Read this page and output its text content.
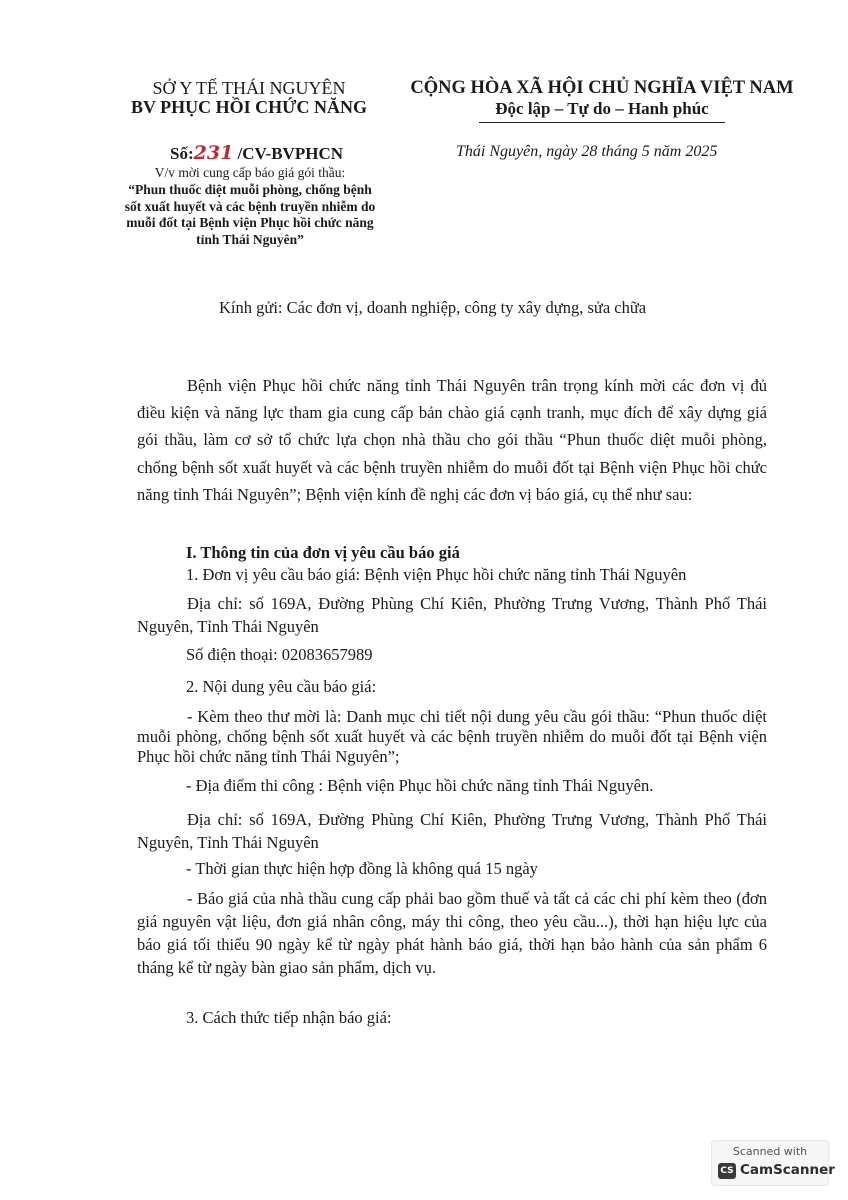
SỞ Y TẾ THÁI NGUYÊN
BV PHỤC HỒI CHỨC NĂNG
CỘNG HÒA XÃ HỘI CHỦ NGHĨA VIỆT NAM
Độc lập – Tự do – Hanh phúc
Số:231 /CV-BVPHCN	Thái Nguyên, ngày 28 tháng 5 năm 2025
V/v mời cung cấp báo giá gói thầu:
“Phun thuốc diệt muỗi phòng, chống bệnh
sốt xuất huyết và các bệnh truyền nhiễm do
muỗi đốt tại Bệnh viện Phục hồi chức năng
tỉnh Thái Nguyên”
Kính gửi: Các đơn vị, doanh nghiệp, công ty xây dựng, sửa chữa
Bệnh viện Phục hồi chức năng tỉnh Thái Nguyên trân trọng kính mời các đơn vị đủ điều kiện và năng lực tham gia cung cấp bản chào giá cạnh tranh, mục đích để xây dựng giá gói thầu, làm cơ sở tổ chức lựa chọn nhà thầu cho gói thầu “Phun thuốc diệt muỗi phòng, chống bệnh sốt xuất huyết và các bệnh truyền nhiễm do muỗi đốt tại Bệnh viện Phục hồi chức năng tỉnh Thái Nguyên”; Bệnh viện kính đề nghị các đơn vị báo giá, cụ thể như sau:
I. Thông tin của đơn vị yêu cầu báo giá
1. Đơn vị yêu cầu báo giá: Bệnh viện Phục hồi chức năng tỉnh Thái Nguyên
Địa chỉ: số 169A, Đường Phùng Chí Kiên, Phường Trưng Vương, Thành Phố Thái Nguyên, Tỉnh Thái Nguyên
Số điện thoại: 02083657989
2. Nội dung yêu cầu báo giá:
- Kèm theo thư mời là: Danh mục chi tiết nội dung yêu cầu gói thầu: “Phun thuốc diệt muỗi phòng, chống bệnh sốt xuất huyết và các bệnh truyền nhiễm do muỗi đốt tại Bệnh viện Phục hồi chức năng tỉnh Thái Nguyên”;
- Địa điểm thi công : Bệnh viện Phục hồi chức năng tỉnh Thái Nguyên.
Địa chỉ: số 169A, Đường Phùng Chí Kiên, Phường Trưng Vương, Thành Phố Thái Nguyên, Tỉnh Thái Nguyên
- Thời gian thực hiện hợp đồng là không quá 15 ngày
- Báo giá của nhà thầu cung cấp phải bao gồm thuế và tất cả các chi phí kèm theo (đơn giá nguyên vật liệu, đơn giá nhân công, máy thi công, theo yêu cầu...), thời hạn hiệu lực của báo giá tối thiểu 90 ngày kể từ ngày phát hành báo giá, thời hạn bảo hành của sản phẩm 6 tháng kể từ ngày bàn giao sản phẩm, dịch vụ.
3. Cách thức tiếp nhận báo giá:
Scanned with
CS CamScanner
